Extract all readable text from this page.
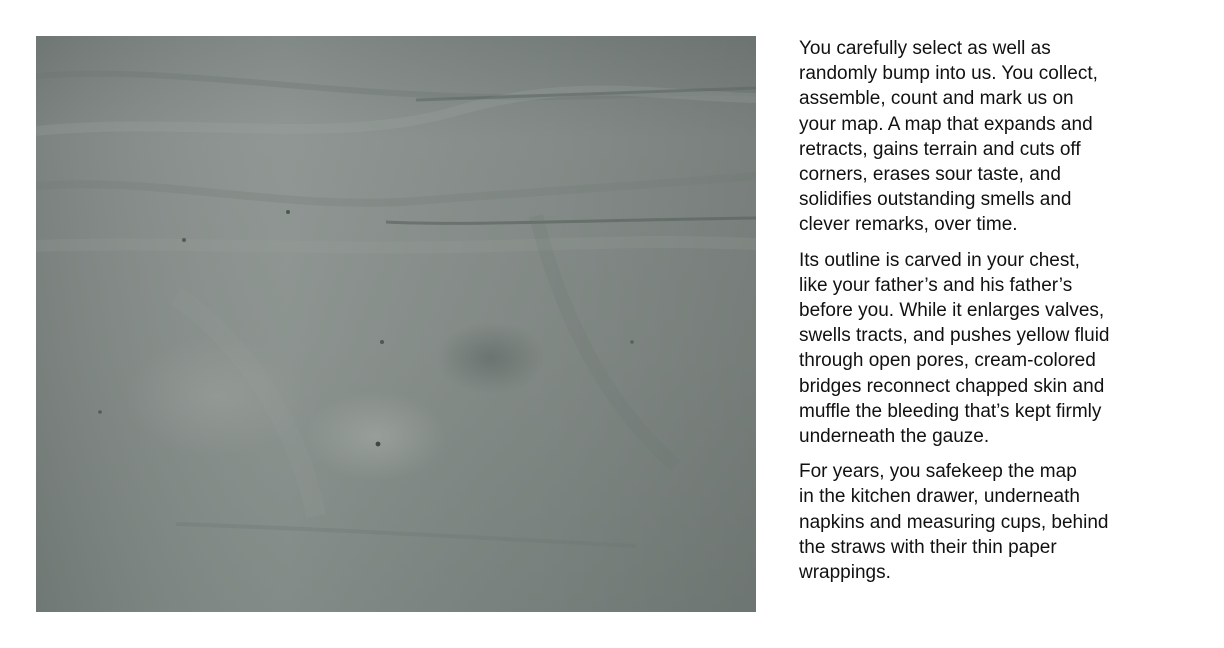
You carefully select as well as
randomly bump into us. You collect,
assemble, count and mark us on
your map. A map that expands and
retracts, gains terrain and cuts off
corners, erases sour taste, and
solidifies outstanding smells and
clever remarks, over time.

Its outline is carved in your chest,
like your father’s and his father’s
before you. While it enlarges valves,
swells tracts, and pushes yellow fluid
through open pores, cream-colored
bridges reconnect chapped skin and
muffle the bleeding that’s kept firmly
underneath the gauze.

For years, you safekeep the map
in the kitchen drawer, underneath
napkins and measuring cups, behind
the straws with their thin paper
wrappings.
